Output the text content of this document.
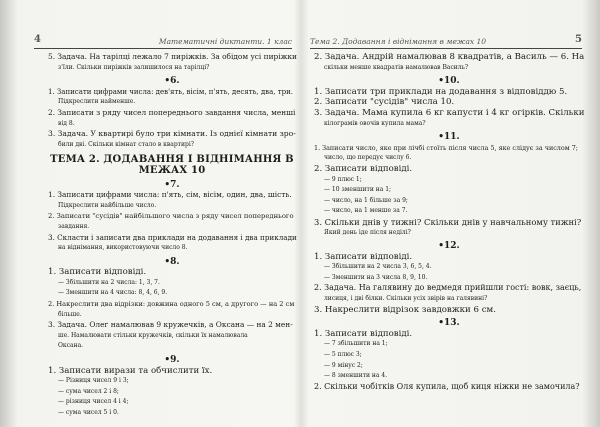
4	Математичні диктанти. 1 клас
5. Задача. На тарілці лежало 7 пиріжків. За обідом усі пиріжки
з'їли. Скільки пиріжків залишилося на тарілці?
•6.
1. Записати цифрами числа: дев'ять, вісім, п'ять, десять, два, три.
Підкреслити найменше.
2. Записати з ряду чисел попереднього завдання числа, менші
від 8.
3. Задача. У квартирі було три кімнати. Із однієї кімнати зро-
били дві. Скільки кімнат стало в квартирі?
ТЕМА 2. ДОДАВАННЯ І ВІДНІМАННЯ В МЕЖАХ 10
•7.
1. Записати цифрами числа: п'ять, сім, вісім, один, два, шість.
Підкреслити найбільше число.
2. Записати "сусідів" найбільшого числа з ряду чисел попереднього
завдання.
3. Скласти і записати два приклади на додавання і два приклади
на віднімання, використовуючи число 8.
•8.
1. Записати відповіді.
— Збільшити на 2 числа: 1, 3, 7.
— Зменшити на 4 числа: 8, 4, 6, 9.
2. Накреслити два відрізки: довжина одного 5 см, а другого — на 2 см
більше.
3. Задача. Олег намалював 9 кружечків, а Оксана — на 2 мен-
ше. Намалювати стільки кружечків, скільки їх намалювала
Оксана.
•9.
1. Записати вирази та обчислити їх.
— Різниця чисел 9 і 3;
— сума чисел 2 і 8;
— різниця чисел 4 і 4;
— сума чисел 5 і 0.
Тема 2. Додавання і віднімання в межах 10	5
2. Задача. Андрій намалював 8 квадратів, а Василь — 6. На
скільки менше квадратів намалював Василь?
•10.
1. Записати три приклади на додавання з відповіддю 5.
2. Записати "сусідів" числа 10.
3. Задача. Мама купила 6 кг капусти і 4 кг огірків. Скільки
кілограмів овочів купила мама?
•11.
1. Записати число, яке при лічбі стоїть після числа 5, яке слідує за числом 7;
число, що передує числу 6.
2. Записати відповіді.
— 9 плюс 1;
— 10 зменшити на 1;
— число, на 1 більше за 9;
— число, на 1 менше за 7.
3. Скільки днів у тижні? Скільки днів у навчальному тижні?
Який день іде після неділі?
•12.
1. Записати відповіді.
— Збільшити на 2 числа 3, 6, 5, 4.
— Зменшити на 3 числа 8, 9, 10.
2. Задача. На галявину до ведмедя прийшли гості: вовк, заєць,
лисиця, і дві білки. Скільки усіх звірів на галявині?
3. Накреслити відрізок завдовжки 6 см.
•13.
1. Записати відповіді.
— 7 збільшити на 1;
— 5 плюс 3;
— 9 мінус 2;
— 8 зменшити на 4.
2. Скільки чобітків Оля купила, щоб киця ніжки не замочила?
